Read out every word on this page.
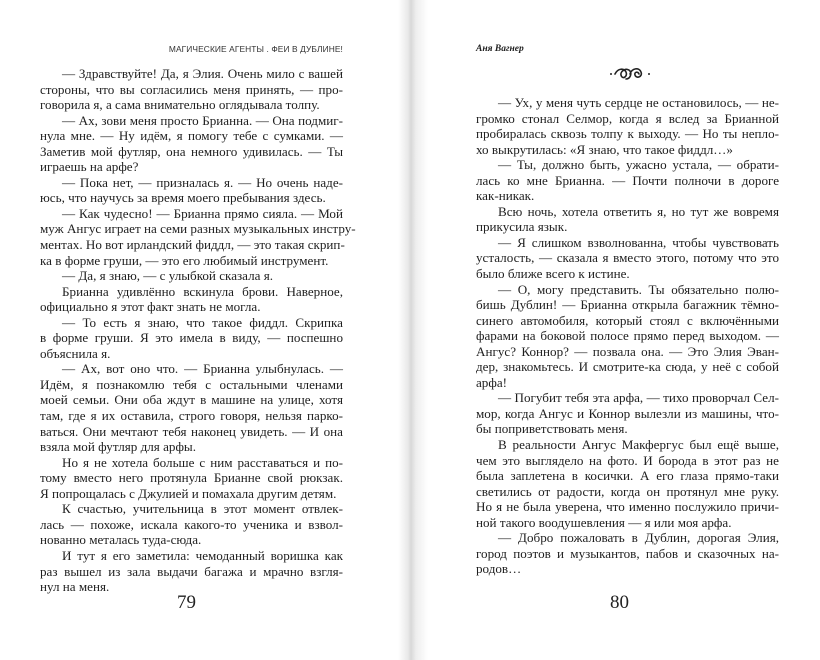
МАГИЧЕСКИЕ АГЕНТЫ . ФЕИ В ДУБЛИНЕ!
— Здравствуйте! Да, я Элия. Очень мило с вашей
стороны, что вы согласились меня принять, — про-
говорила я, а сама внимательно оглядывала толпу.
— Ах, зови меня просто Брианна. — Она подмиг-
нула мне. — Ну идём, я помогу тебе с сумками. —
Заметив мой футляр, она немного удивилась. — Ты
играешь на арфе?
— Пока нет, — призналась я. — Но очень наде-
юсь, что научусь за время моего пребывания здесь.
— Как чудесно! — Брианна прямо сияла. — Мой
муж Ангус играет на семи разных музыкальных инстру-
ментах. Но вот ирландский фиддл, — это такая скрип-
ка в форме груши, — это его любимый инструмент.
— Да, я знаю, — с улыбкой сказала я.
Брианна удивлённо вскинула брови. Наверное,
официально я этот факт знать не могла.
— То есть я знаю, что такое фиддл. Скрипка
в форме груши. Я это имела в виду, — поспешно
объяснила я.
— Ах, вот оно что. — Брианна улыбнулась. —
Идём, я познакомлю тебя с остальными членами
моей семьи. Они оба ждут в машине на улице, хотя
там, где я их оставила, строго говоря, нельзя парко-
ваться. Они мечтают тебя наконец увидеть. — И она
взяла мой футляр для арфы.
Но я не хотела больше с ним расставаться и по-
тому вместо него протянула Брианне свой рюкзак.
Я попрощалась с Джулией и помахала другим детям.
К счастью, учительница в этот момент отвлек-
лась — похоже, искала какого-то ученика и взвол-
нованно металась туда-сюда.
И тут я его заметила: чемоданный воришка как
раз вышел из зала выдачи багажа и мрачно взгля-
нул на меня.
79
Аня Вагнер
— Ух, у меня чуть сердце не остановилось, — не-
громко стонал Селмор, когда я вслед за Брианной
пробиралась сквозь толпу к выходу. — Но ты непло-
хо выкрутилась: «Я знаю, что такое фиддл…»
— Ты, должно быть, ужасно устала, — обрати-
лась ко мне Брианна. — Почти полночи в дороге
как-никак.
Всю ночь, хотела ответить я, но тут же вовремя
прикусила язык.
— Я слишком взволнованна, чтобы чувствовать
усталость, — сказала я вместо этого, потому что это
было ближе всего к истине.
— О, могу представить. Ты обязательно полю-
бишь Дублин! — Брианна открыла багажник тёмно-
синего автомобиля, который стоял с включёнными
фарами на боковой полосе прямо перед выходом. —
Ангус? Коннор? — позвала она. — Это Элия Эван-
дер, знакомьтесь. И смотрите-ка сюда, у неё с собой
арфа!
— Погубит тебя эта арфа, — тихо проворчал Сел-
мор, когда Ангус и Коннор вылезли из машины, что-
бы поприветствовать меня.
В реальности Ангус Макфергус был ещё выше,
чем это выглядело на фото. И борода в этот раз не
была заплетена в косички. А его глаза прямо-таки
светились от радости, когда он протянул мне руку.
Но я не была уверена, что именно послужило причи-
ной такого воодушевления — я или моя арфа.
— Добро пожаловать в Дублин, дорогая Элия,
город поэтов и музыкантов, пабов и сказочных на-
родов…
80
